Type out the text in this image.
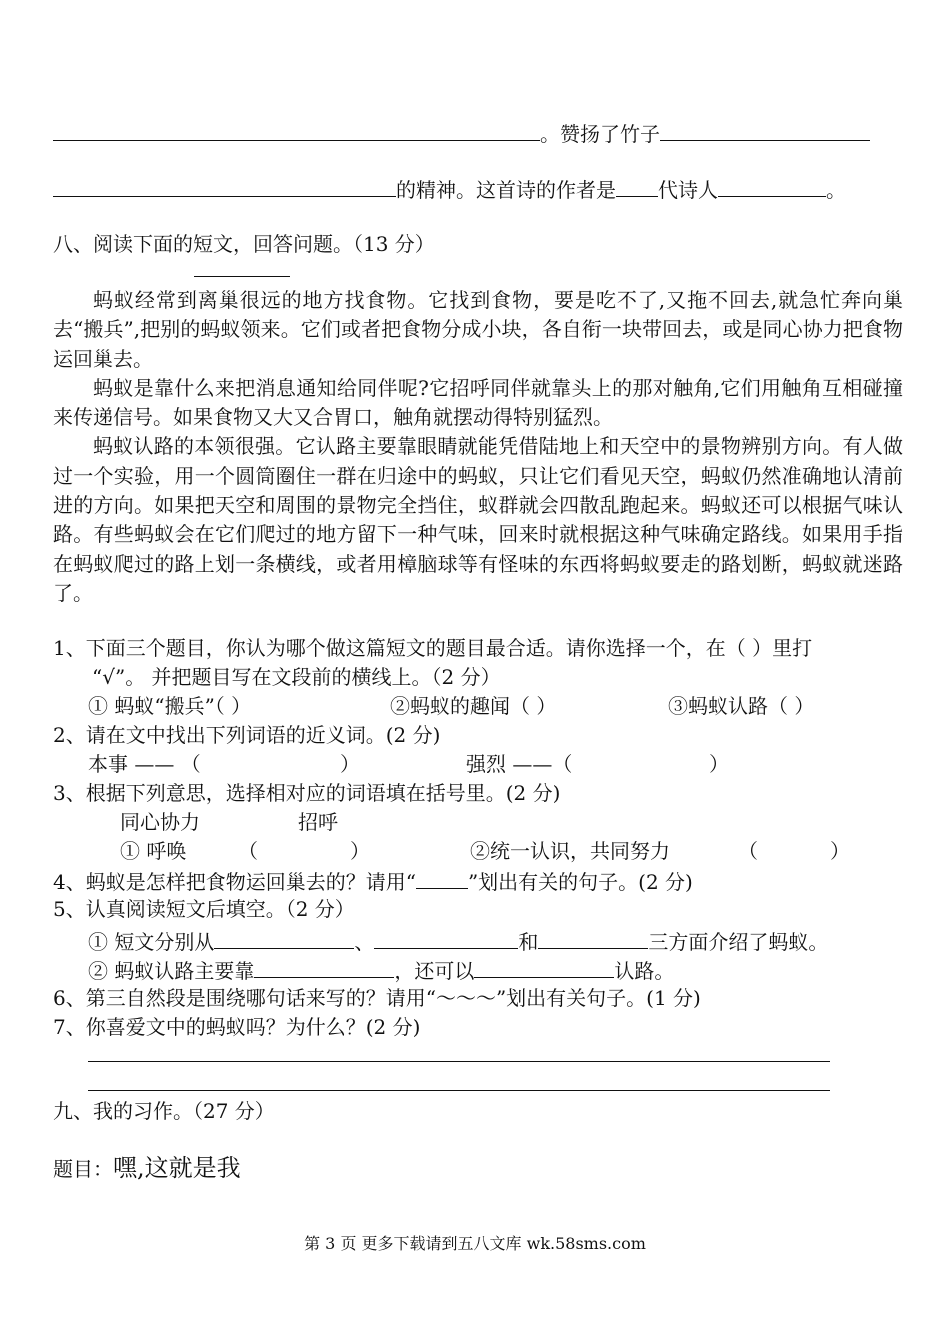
。赞扬了竹子
的精神。这首诗的作者是 代诗人	。
八、阅读下面的短文，回答问题。（13 分）

蚂蚁经常到离巢很远的地方找食物。它找到食物，要是吃不了,又拖不回去,就急忙奔向巢去“搬兵”,把别的蚂蚁领来。它们或者把食物分成小块，各自衔一块带回去，或是同心协力把食物运回巢去。

蚂蚁是靠什么来把消息通知给同伴呢?它招呼同伴就靠头上的那对触角,它们用触角互相碰撞来传递信号。如果食物又大又合胃口，触角就摆动得特别猛烈。

蚂蚁认路的本领很强。它认路主要靠眼睛就能凭借陆地上和天空中的景物辨别方向。有人做过一个实验，用一个圆筒圈住一群在归途中的蚂蚁，只让它们看见天空，蚂蚁仍然准确地认清前进的方向。如果把天空和周围的景物完全挡住，蚁群就会四散乱跑起来。蚂蚁还可以根据气味认路。有些蚂蚁会在它们爬过的地方留下一种气味，回来时就根据这种气味确定路线。如果用手指在蚂蚁爬过的路上划一条横线，或者用樟脑球等有怪味的东西将蚂蚁要走的路划断，蚂蚁就迷路了。

1、下面三个题目，你认为哪个做这篇短文的题目最合适。请你选择一个，在（ ）里打
“√”。 并把题目写在文段前的横线上。（2 分）
① 蚂蚁“搬兵”（ ）	②蚂蚁的趣闻（ ）	③蚂蚁认路（ ）
2、请在文中找出下列词语的近义词。(2 分)
本事 —— （	）	强烈 ——（	）
3、根据下列意思，选择相对应的词语填在括号里。(2 分)
同心协力	招呼
① 呼唤	（	）	②统一认识，共同努力	（	）
4、蚂蚁是怎样把食物运回巢去的？请用“	”划出有关的句子。(2 分)
5、认真阅读短文后填空。（2 分）
① 短文分别从	、	和	三方面介绍了蚂蚁。
② 蚂蚁认路主要靠	，还可以	认路。
6、第三自然段是围绕哪句话来写的？请用“～～～”划出有关句子。(1 分)
7、你喜爱文中的蚂蚁吗？为什么？(2 分)
九、我的习作。（27 分）
题目：嘿,这就是我
第 3 页 更多下载请到五八文库 wk.58sms.com
